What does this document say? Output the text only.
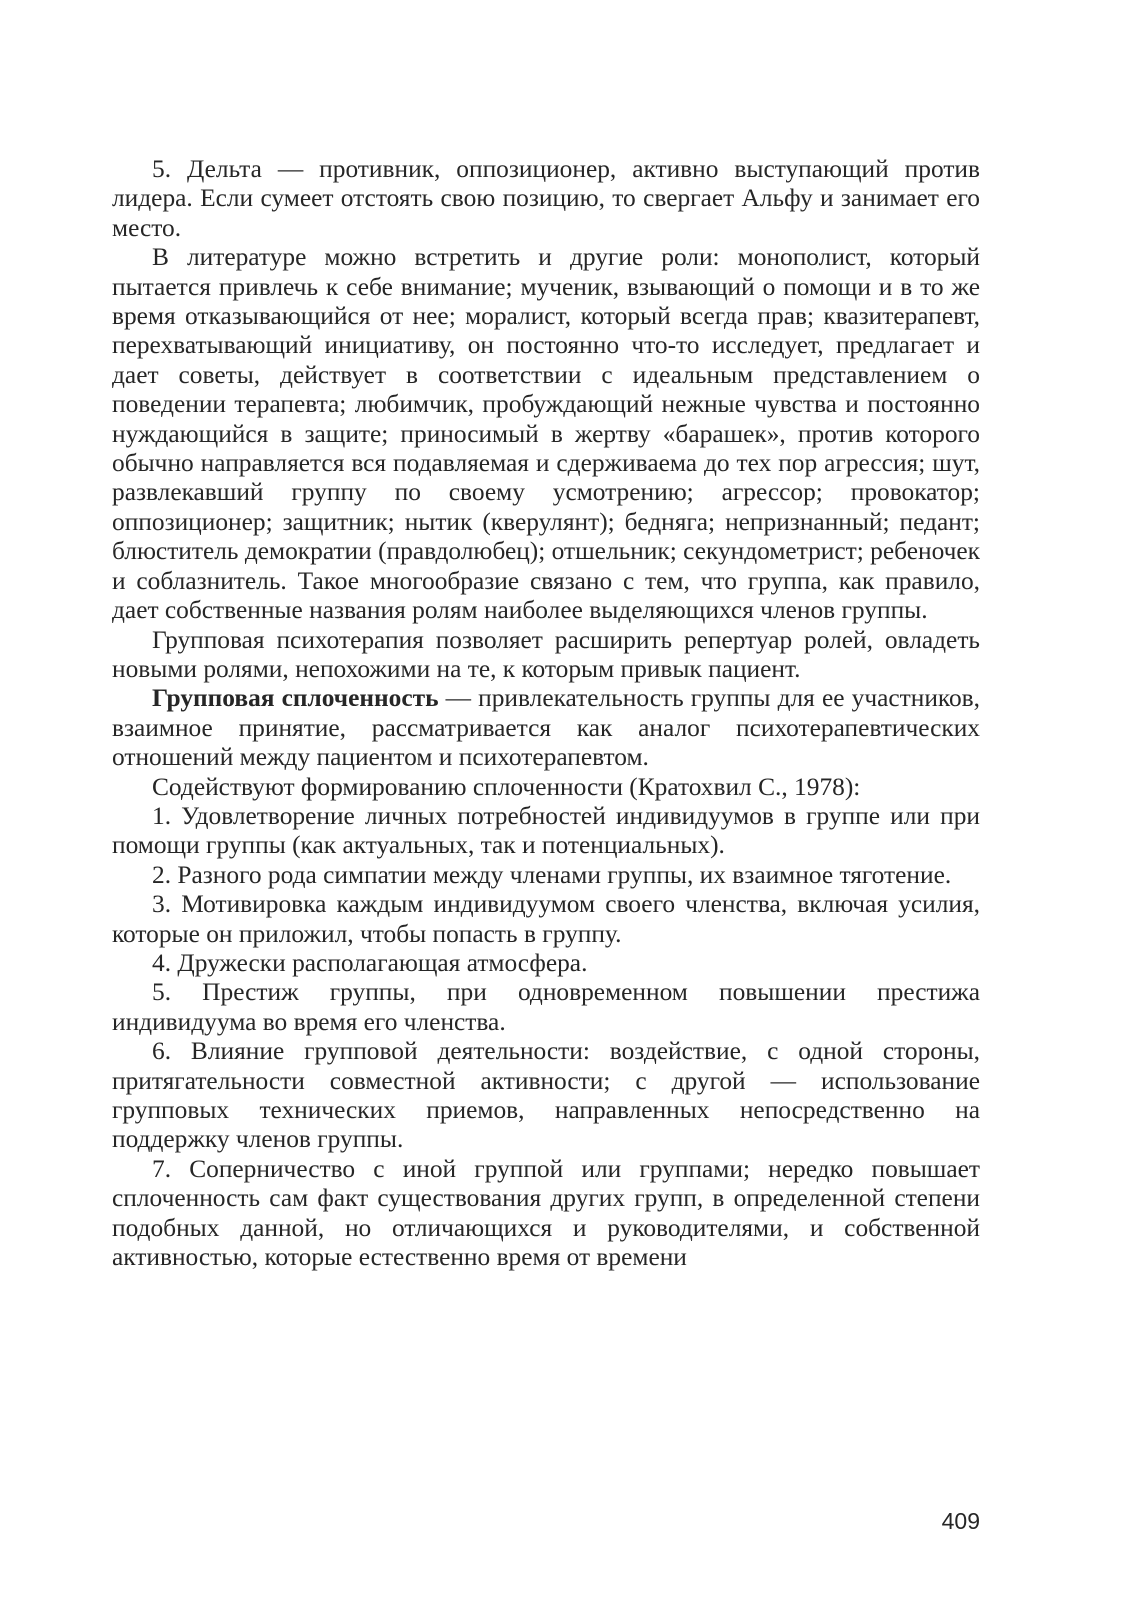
5. Дельта — противник, оппозиционер, активно выступающий против лидера. Если сумеет отстоять свою позицию, то свергает Альфу и занимает его место.

В литературе можно встретить и другие роли: монополист, который пытается привлечь к себе внимание; мученик, взывающий о помощи и в то же время отказывающийся от нее; моралист, который всегда прав; квазитерапевт, перехватывающий инициативу, он постоянно что-то исследует, предлагает и дает советы, действует в соответствии с идеальным представлением о поведении терапевта; любимчик, пробуждающий нежные чувства и постоянно нуждающийся в защите; приносимый в жертву «барашек», против которого обычно направляется вся подавляемая и сдерживаема до тех пор агрессия; шут, развлекавший группу по своему усмотрению; агрессор; провокатор; оппозиционер; защитник; нытик (кверулянт); бедняга; непризнанный; педант; блюститель демократии (правдолюбец); отшельник; секундометрист; ребеночек и соблазнитель. Такое многообразие связано с тем, что группа, как правило, дает собственные названия ролям наиболее выделяющихся членов группы.

Групповая психотерапия позволяет расширить репертуар ролей, овладеть новыми ролями, непохожими на те, к которым привык пациент.

Групповая сплоченность — привлекательность группы для ее участников, взаимное принятие, рассматривается как аналог психотерапевтических отношений между пациентом и психотерапевтом.

Содействуют формированию сплоченности (Кратохвил С., 1978):

1. Удовлетворение личных потребностей индивидуумов в группе или при помощи группы (как актуальных, так и потенциальных).

2. Разного рода симпатии между членами группы, их взаимное тяготение.

3. Мотивировка каждым индивидуумом своего членства, включая усилия, которые он приложил, чтобы попасть в группу.

4. Дружески располагающая атмосфера.

5. Престиж группы, при одновременном повышении престижа индивидуума во время его членства.

6. Влияние групповой деятельности: воздействие, с одной стороны, притягательности совместной активности; с другой — использование групповых технических приемов, направленных непосредственно на поддержку членов группы.

7. Соперничество с иной группой или группами; нередко повышает сплоченность сам факт существования других групп, в определенной степени подобных данной, но отличающихся и руководителями, и собственной активностью, которые естественно время от времени

409
